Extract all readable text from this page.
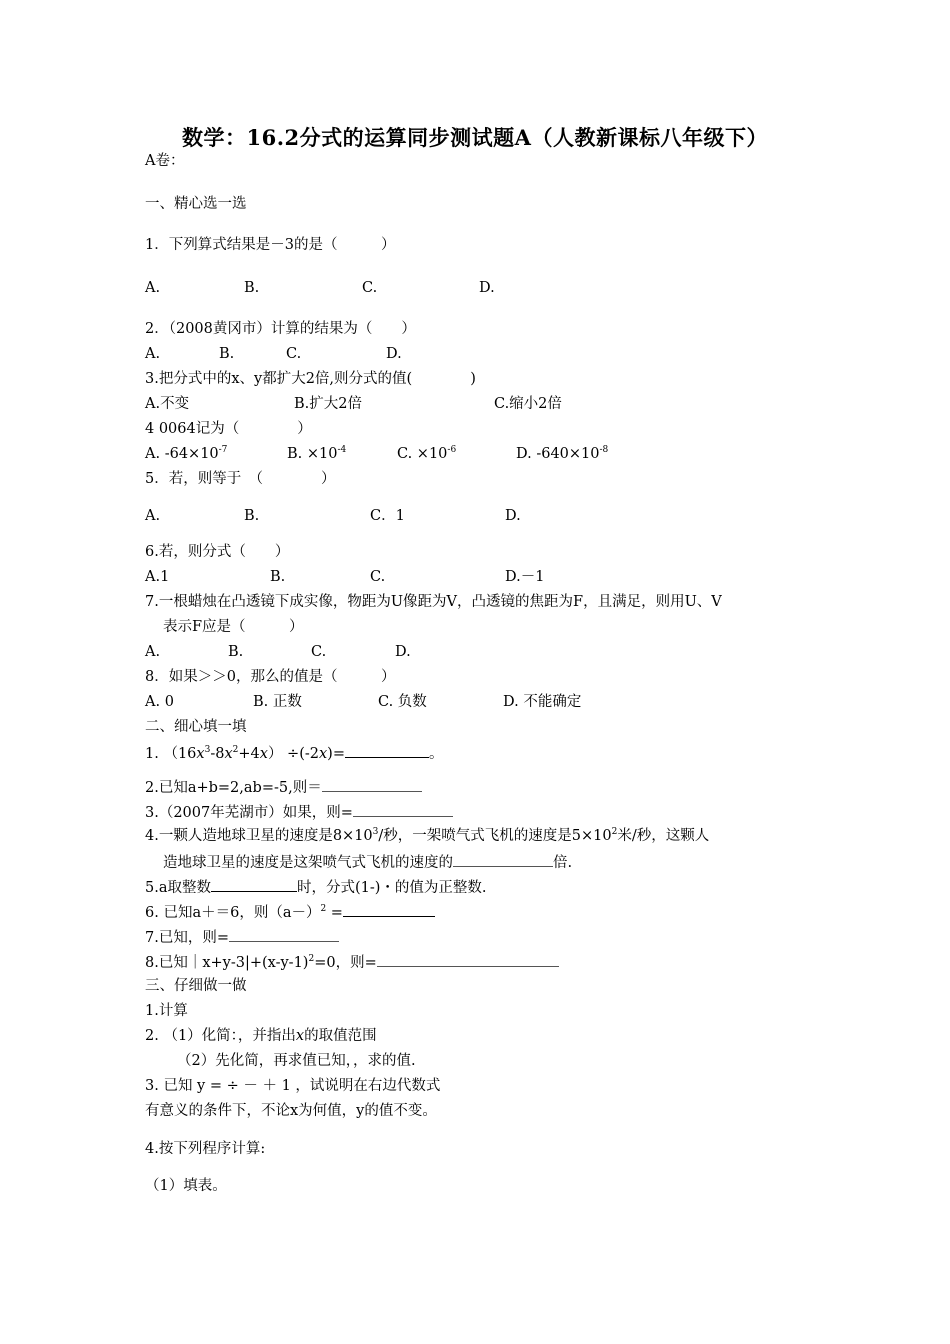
数学：16.2分式的运算同步测试题A（人教新课标八年级下）
A卷：
一、精心选一选
1．下列算式结果是－3的是（　　　）
A.	B.	C.	D.
2．（2008黄冈市）计算的结果为（　　）
A.	B.	C.	D.
3.把分式中的x、y都扩大2倍,则分式的值(　　　　)
A.不变	B.扩大2倍	C.缩小2倍
4 0064记为（　　　　）
A. $-64\times 10^{-7}$	B. $\times 10^{-4}$	C. $\times 10^{-6}$	D. $-640\times 10^{-8}$
5．若，则等于　（　　　　）
A.	B.	C．1	D.
6.若，则分式（　　）
A.1	B.	C.	D.－1
7.一根蜡烛在凸透镜下成实像，物距为U像距为V，凸透镜的焦距为F，且满足，则用U、V
表示F应是（　　　）
A.	B.	C.	D.
8．如果＞＞0，那么的值是（　　　）
A. 0	B. 正数	C. 负数	D. 不能确定
二、细心填一填
1. $(16x^3-8x^2+4x) \div(-2x)=$	。
2.已知a+b=2,ab=-5,则＝
3.（2007年芜湖市）如果，则=
4.一颗人造地球卫星的速度是$8\times 10^3/$秒，一架喷气式飞机的速度是$5\times 10^2$米/秒，这颗人
造地球卫星的速度是这架喷气式飞机的速度的	倍.
5.a取整数	时，分式(1-)・的值为正整数.
6. 已知a＋＝6，则$(a-)^2$ =
7.已知，则=
8.已知$|x+y-3|+(x-y-1)^2=0$，则=
三、仔细做一做
1.计算
2. （1）化简：，并指出x的取值范围
（2）先化简，再求值已知，，求的值.
3. 已知 y = ÷ － ＋ 1 ，试说明在右边代数式
有意义的条件下，不论x为何值，y的值不变。
4.按下列程序计算:
（1）填表。
